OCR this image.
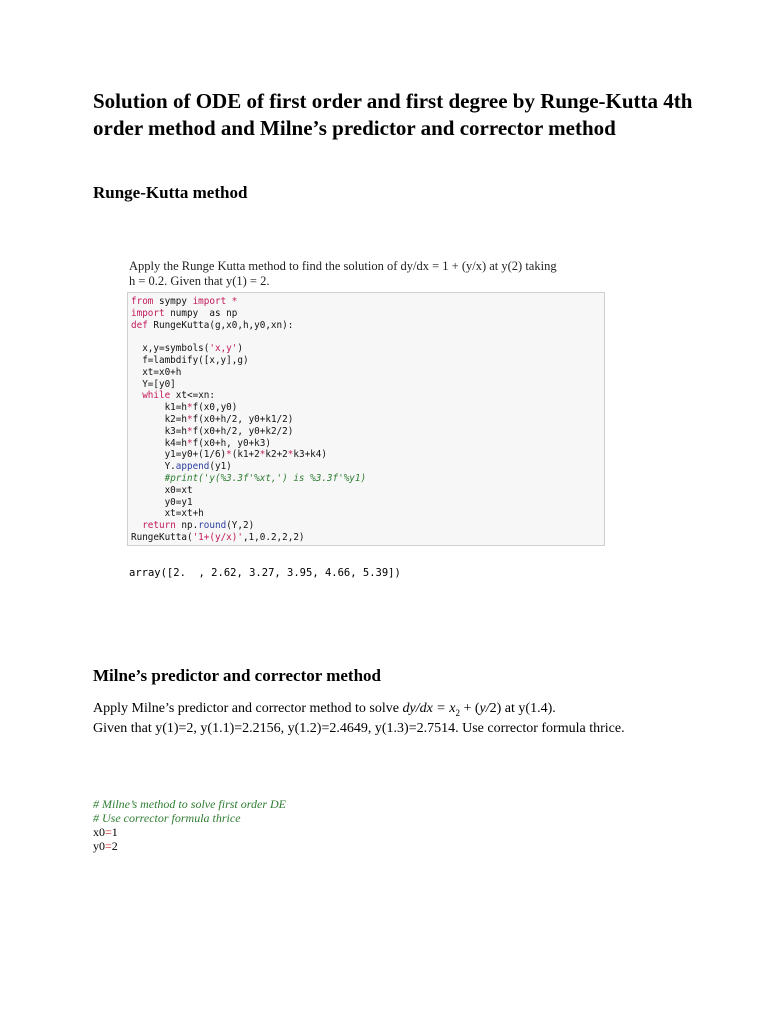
Solution of ODE of first order and first degree by Runge-Kutta 4th order method and Milne’s predictor and corrector method
Runge-Kutta method
Apply the Runge Kutta method to find the solution of dy/dx = 1 + (y/x) at y(2) taking
h = 0.2. Given that y(1) = 2.
from sympy import *
import numpy  as np
def RungeKutta(g,x0,h,y0,xn):

x,y=symbols('x,y')
f=lambdify([x,y],g)
xt=x0+h
Y=[y0]
while xt<=xn:
k1=h*f(x0,y0)
k2=h*f(x0+h/2, y0+k1/2)
k3=h*f(x0+h/2, y0+k2/2)
k4=h*f(x0+h, y0+k3)
y1=y0+(1/6)*(k1+2*k2+2*k3+k4)
Y.append(y1)
#print('y(%3.3f'%xt,') is %3.3f'%y1)
x0=xt
y0=y1
xt=xt+h
return np.round(Y,2)
RungeKutta('1+(y/x)',1,0.2,2,2)
array([2.  , 2.62, 3.27, 3.95, 4.66, 5.39])
Milne’s predictor and corrector method
Apply Milne’s predictor and corrector method to solve $dy/dx = x_2 + (y/2)$ at y(1.4).
Given that y(1)=2, y(1.1)=2.2156, y(1.2)=2.4649, y(1.3)=2.7514. Use corrector formula thrice.
# Milne’s method to solve first order DE
# Use corrector formula thrice
x0=1
y0=2
